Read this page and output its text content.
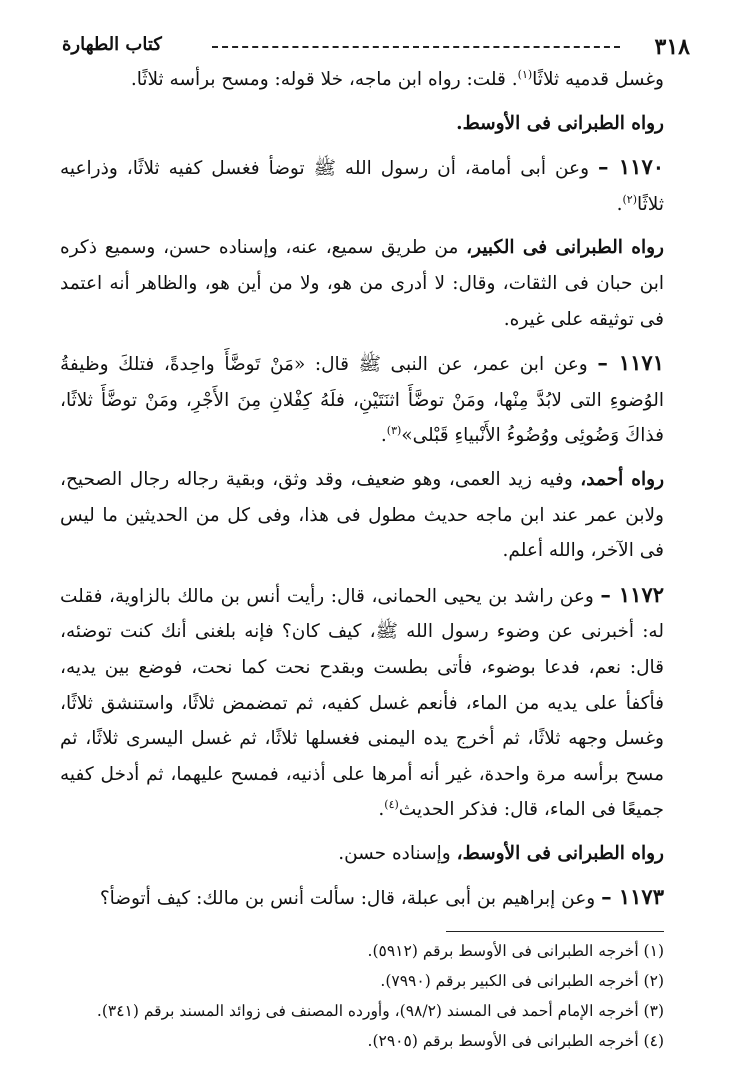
٣١٨
كتاب الطهارة

وغسل قدميه ثلاثًا$^{(١)}$. قلت: رواه ابن ماجه، خلا قوله: ومسح برأسه ثلاثًا.

رواه الطبرانى فى الأوسط.

١١٧٠ – وعن أبى أمامة، أن رسول الله ﷺ توضأ فغسل كفيه ثلاثًا، وذراعيه ثلاثًا$^{(٢)}$.

رواه الطبرانى فى الكبير، من طريق سميع، عنه، وإسناده حسن، وسميع ذكره ابن حبان فى الثقات، وقال: لا أدرى من هو، ولا من أين هو، والظاهر أنه اعتمد فى توثيقه على غيره.

١١٧١ – وعن ابن عمر، عن النبى ﷺ قال: «مَنْ تَوضَّأَ واحِدةً، فتلكَ وظيفةُ الوُضوءِ التى لابُدَّ مِنْها، ومَنْ توضَّأَ اثنَتَيْنِ، فلَهُ كِفْلانِ مِنَ الأَجْرِ، ومَنْ توضَّأَ ثلاثًا، فذاكَ وَضُوئِى ووُضُوءُ الأَنْبياءِ قَبْلى»$^{(٣)}$.

رواه أحمد، وفيه زيد العمى، وهو ضعيف، وقد وثق، وبقية رجاله رجال الصحيح، ولابن عمر عند ابن ماجه حديث مطول فى هذا، وفى كل من الحديثين ما ليس فى الآخر، والله أعلم.

١١٧٢ – وعن راشد بن يحيى الحمانى، قال: رأيت أنس بن مالك بالزاوية، فقلت له: أخبرنى عن وضوء رسول الله ﷺ، كيف كان؟ فإنه بلغنى أنك كنت توضئه، قال: نعم، فدعا بوضوء، فأتى بطست وبقدح نحت كما نحت، فوضع بين يديه، فأكفأ على يديه من الماء، فأنعم غسل كفيه، ثم تمضمض ثلاثًا، واستنشق ثلاثًا، وغسل وجهه ثلاثًا، ثم أخرج يده اليمنى فغسلها ثلاثًا، ثم غسل اليسرى ثلاثًا، ثم مسح برأسه مرة واحدة، غير أنه أمرها على أذنيه، فمسح عليهما، ثم أدخل كفيه جميعًا فى الماء، قال: فذكر الحديث$^{(٤)}$.

رواه الطبرانى فى الأوسط، وإسناده حسن.

١١٧٣ – وعن إبراهيم بن أبى عبلة، قال: سألت أنس بن مالك: كيف أتوضأ؟

(١) أخرجه الطبرانى فى الأوسط برقم (٥٩١٢).
(٢) أخرجه الطبرانى فى الكبير برقم (٧٩٩٠).
(٣) أخرجه الإمام أحمد فى المسند (٩٨/٢)، وأورده المصنف فى زوائد المسند برقم (٣٤١).
(٤) أخرجه الطبرانى فى الأوسط برقم (٢٩٠٥).
